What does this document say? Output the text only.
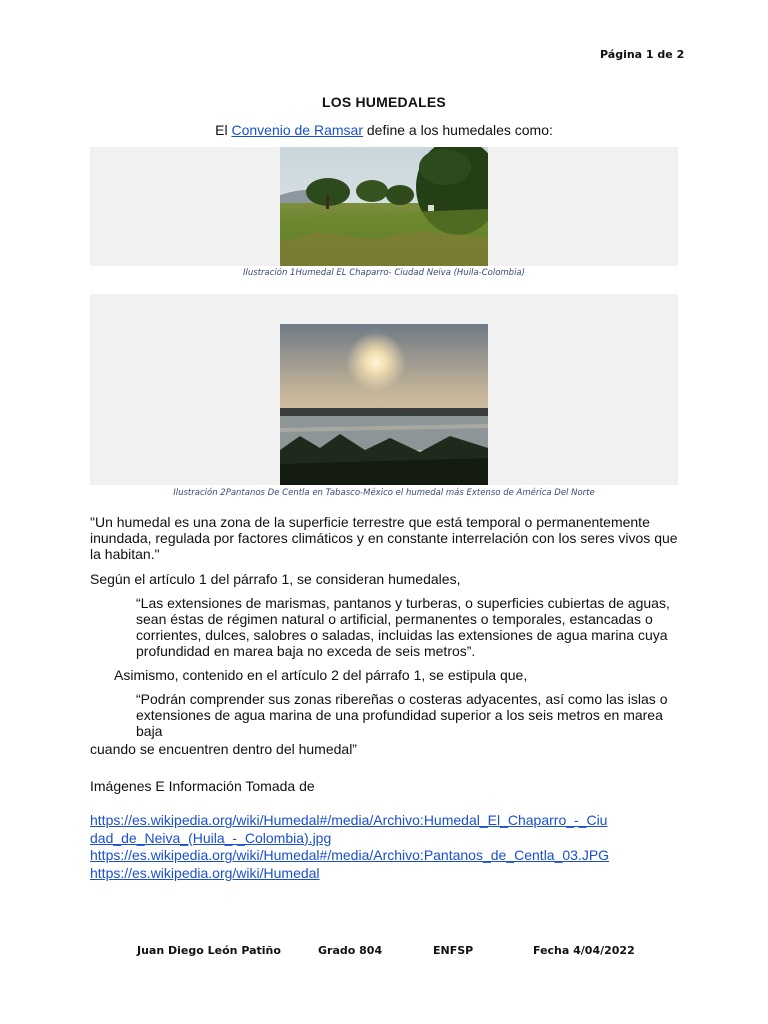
Página 1 de 2
LOS HUMEDALES
El Convenio de Ramsar define a los humedales como:
Ilustración 1Humedal EL Chaparro- Ciudad Neiva (Huila-Colombia)
Ilustración 2Pantanos De Centla en Tabasco-México el humedal más Extenso de América Del Norte
"Un humedal es una zona de la superficie terrestre que está temporal o permanentemente inundada, regulada por factores climáticos y en constante interrelación con los seres vivos que la habitan."
Según el artículo 1 del párrafo 1, se consideran humedales,
“Las extensiones de marismas, pantanos y turberas, o superficies cubiertas de aguas, sean éstas de régimen natural o artificial, permanentes o temporales, estancadas o corrientes, dulces, salobres o saladas, incluidas las extensiones de agua marina cuya profundidad en marea baja no exceda de seis metros”.
Asimismo, contenido en el artículo 2 del párrafo 1, se estipula que,
“Podrán comprender sus zonas ribereñas o costeras adyacentes, así como las islas o extensiones de agua marina de una profundidad superior a los seis metros en marea baja
cuando se encuentren dentro del humedal”
Imágenes E Información Tomada de
https://es.wikipedia.org/wiki/Humedal#/media/Archivo:Humedal_El_Chaparro_-_Ciudad_de_Neiva_(Huila_-_Colombia).jpg
https://es.wikipedia.org/wiki/Humedal#/media/Archivo:Pantanos_de_Centla_03.JPG
https://es.wikipedia.org/wiki/Humedal
Juan Diego León Patiño	Grado 804	ENFSP	Fecha 4/04/2022
